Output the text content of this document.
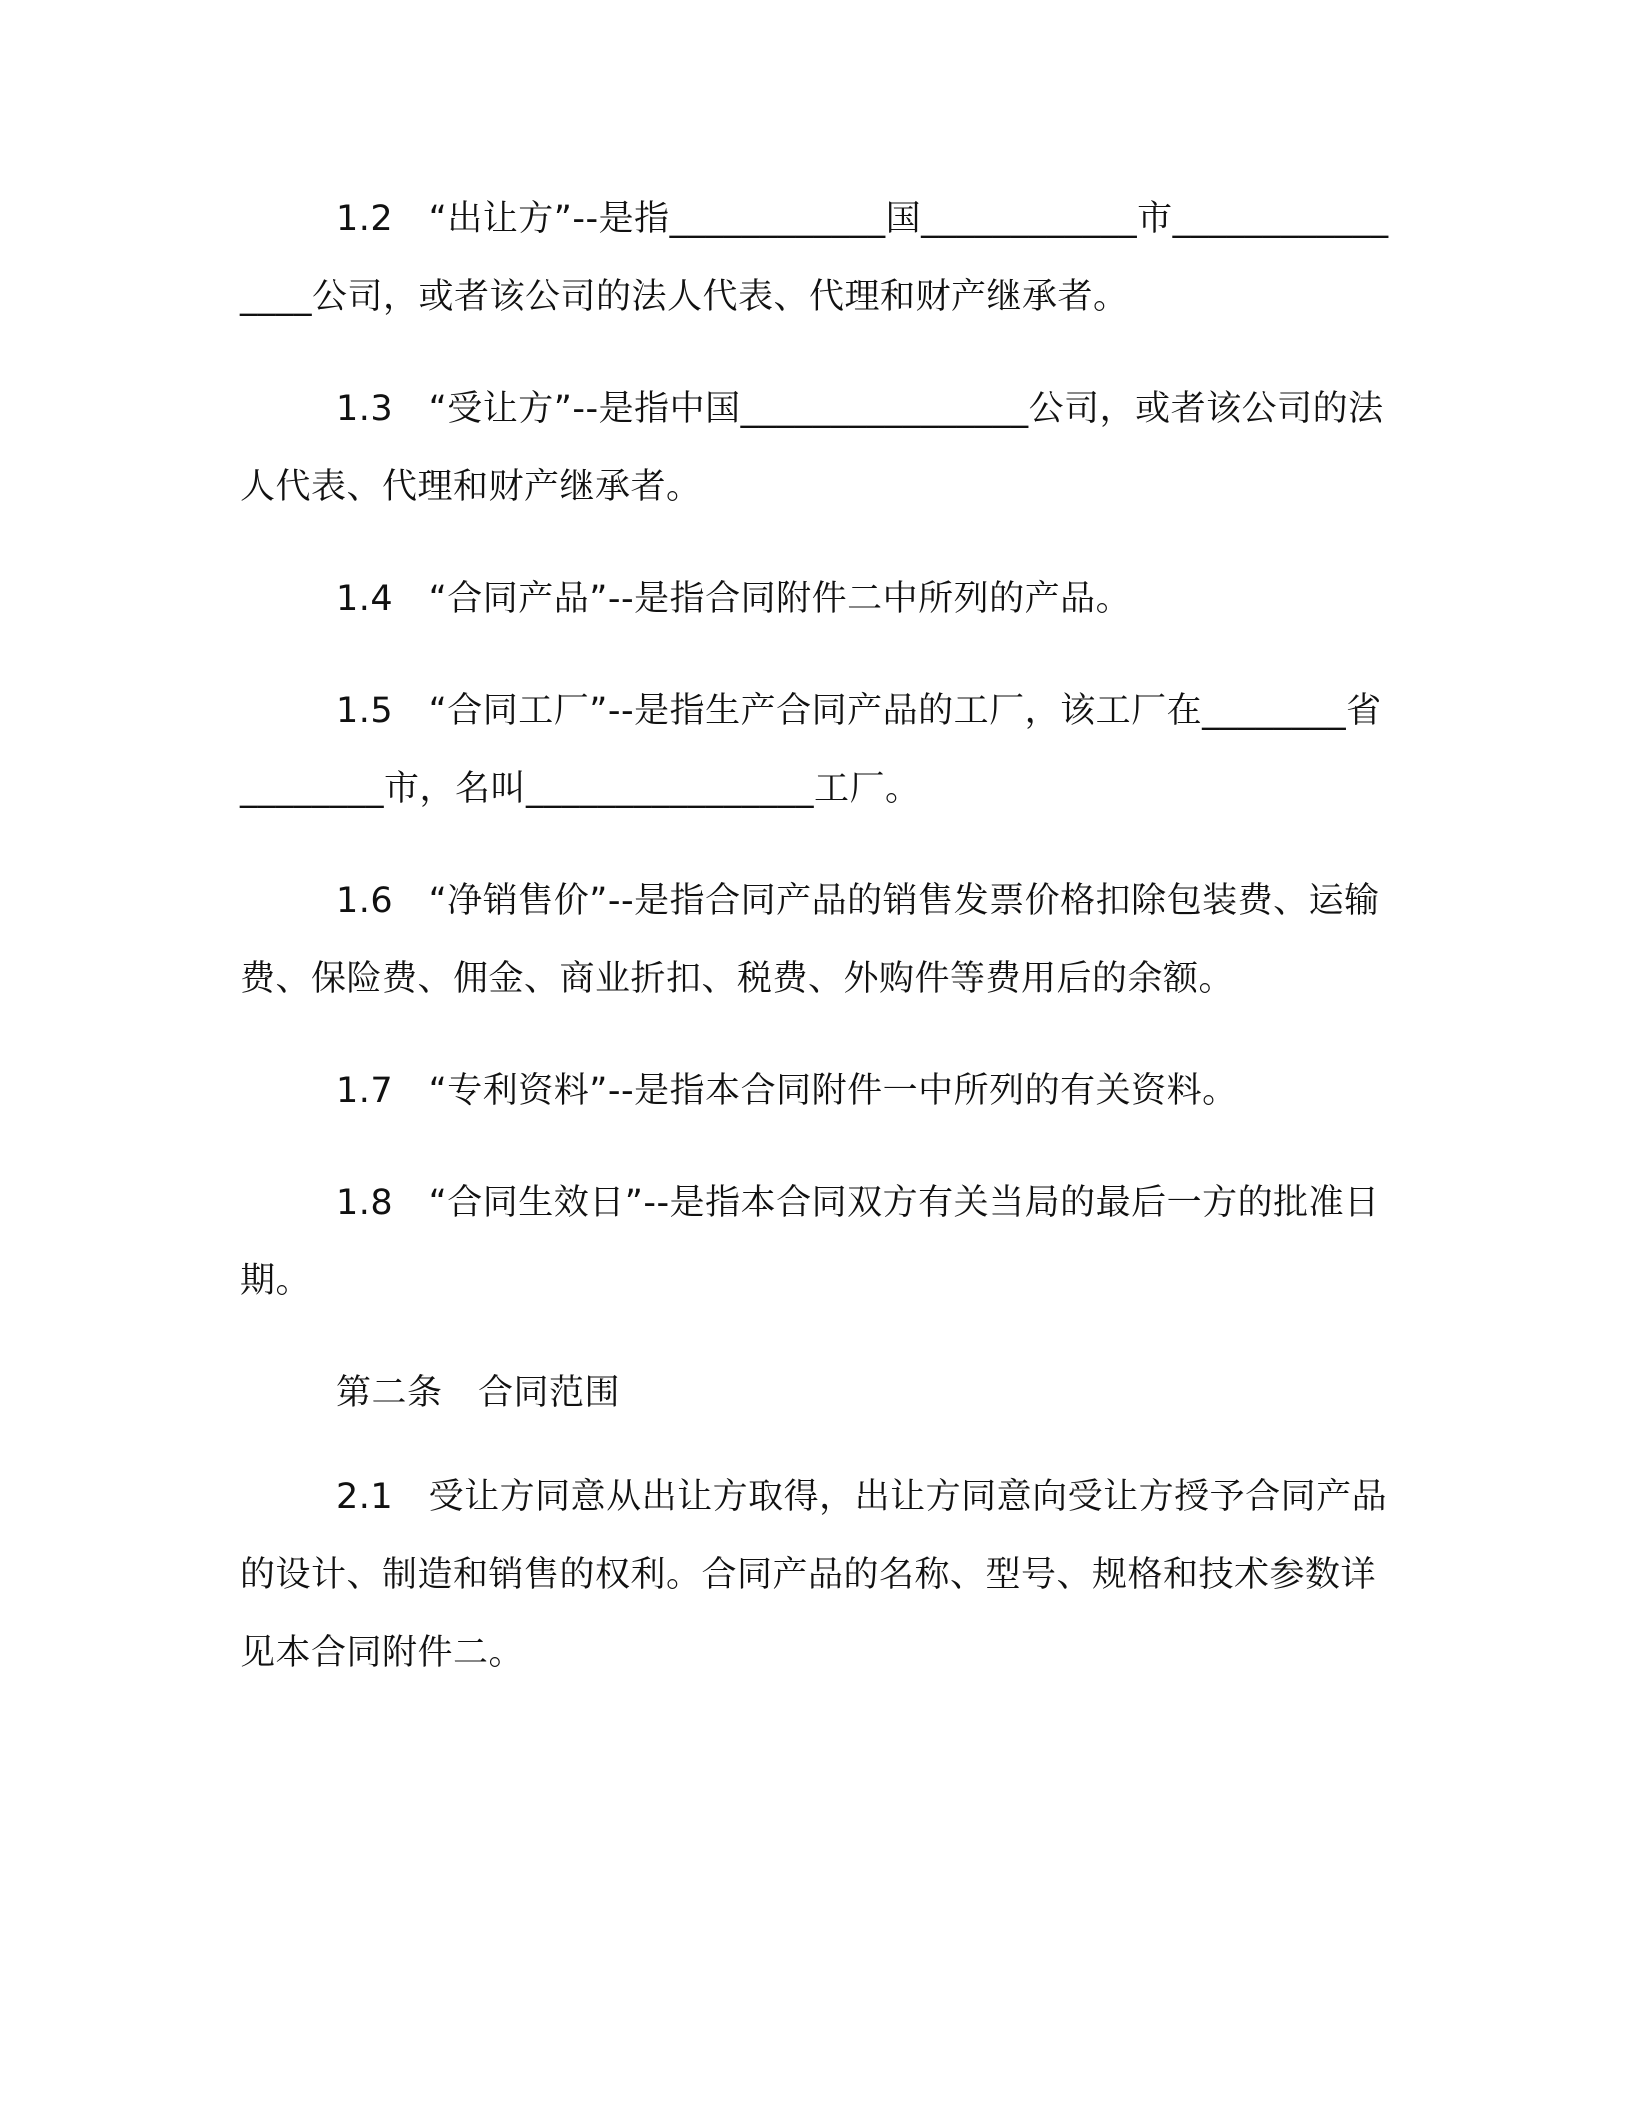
1.2　“出让方”--是指____________国____________市________________公司，或者该公司的法人代表、代理和财产继承者。

1.3　“受让方”--是指中国________________公司，或者该公司的法人代表、代理和财产继承者。

1.4　“合同产品”--是指合同附件二中所列的产品。

1.5　“合同工厂”--是指生产合同产品的工厂，该工厂在________省________市，名叫________________工厂。

1.6　“净销售价”--是指合同产品的销售发票价格扣除包装费、运输费、保险费、佣金、商业折扣、税费、外购件等费用后的余额。

1.7　“专利资料”--是指本合同附件一中所列的有关资料。

1.8　“合同生效日”--是指本合同双方有关当局的最后一方的批准日期。

第二条　合同范围

2.1　受让方同意从出让方取得，出让方同意向受让方授予合同产品的设计、制造和销售的权利。合同产品的名称、型号、规格和技术参数详见本合同附件二。
